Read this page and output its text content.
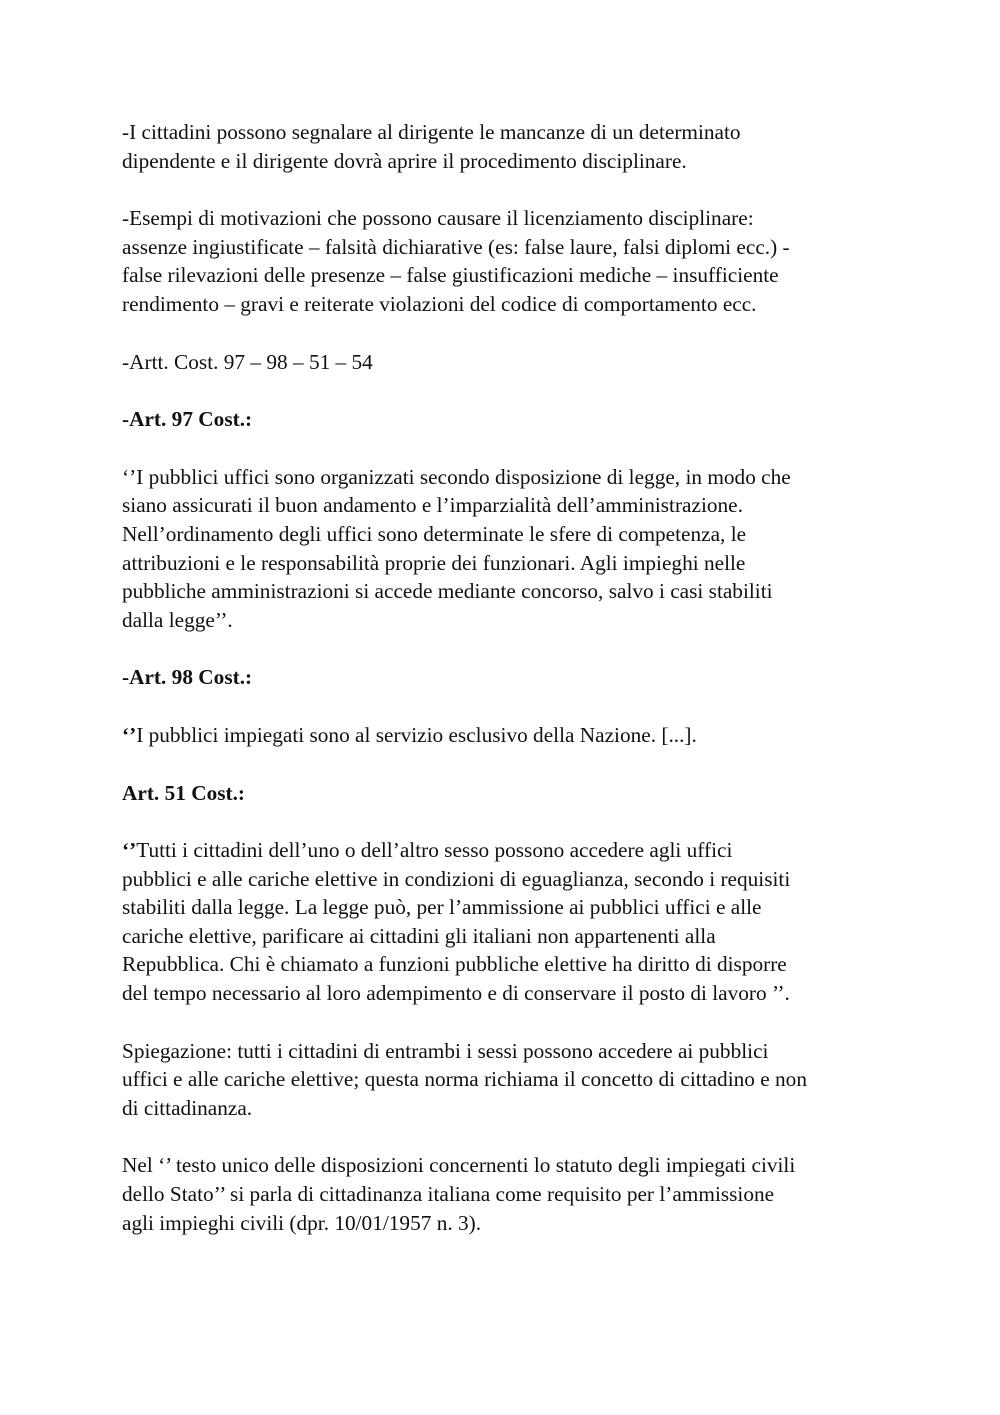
-I cittadini possono segnalare al dirigente le mancanze di un determinato
dipendente e il dirigente dovrà aprire il procedimento disciplinare.

-Esempi di motivazioni che possono causare il licenziamento disciplinare:
assenze ingiustificate – falsità dichiarative (es: false laure, falsi diplomi ecc.) -
false rilevazioni delle presenze – false giustificazioni mediche – insufficiente
rendimento – gravi e reiterate violazioni del codice di comportamento ecc.

-Artt. Cost. 97 – 98 – 51 – 54

-Art. 97 Cost.:

‘’I pubblici uffici sono organizzati secondo disposizione di legge, in modo che
siano assicurati il buon andamento e l’imparzialità dell’amministrazione.
Nell’ordinamento degli uffici sono determinate le sfere di competenza, le
attribuzioni e le responsabilità proprie dei funzionari. Agli impieghi nelle
pubbliche amministrazioni si accede mediante concorso, salvo i casi stabiliti
dalla legge’’.

-Art. 98 Cost.:

‘’I pubblici impiegati sono al servizio esclusivo della Nazione. [...].

Art. 51 Cost.:

‘’Tutti i cittadini dell’uno o dell’altro sesso possono accedere agli uffici
pubblici e alle cariche elettive in condizioni di eguaglianza, secondo i requisiti
stabiliti dalla legge. La legge può, per l’ammissione ai pubblici uffici e alle
cariche elettive, parificare ai cittadini gli italiani non appartenenti alla
Repubblica. Chi è chiamato a funzioni pubbliche elettive ha diritto di disporre
del tempo necessario al loro adempimento e di conservare il posto di lavoro ’’.

Spiegazione: tutti i cittadini di entrambi i sessi possono accedere ai pubblici
uffici e alle cariche elettive; questa norma richiama il concetto di cittadino e non
di cittadinanza.

Nel ‘’ testo unico delle disposizioni concernenti lo statuto degli impiegati civili
dello Stato’’ si parla di cittadinanza italiana come requisito per l’ammissione
agli impieghi civili (dpr. 10/01/1957 n. 3).
